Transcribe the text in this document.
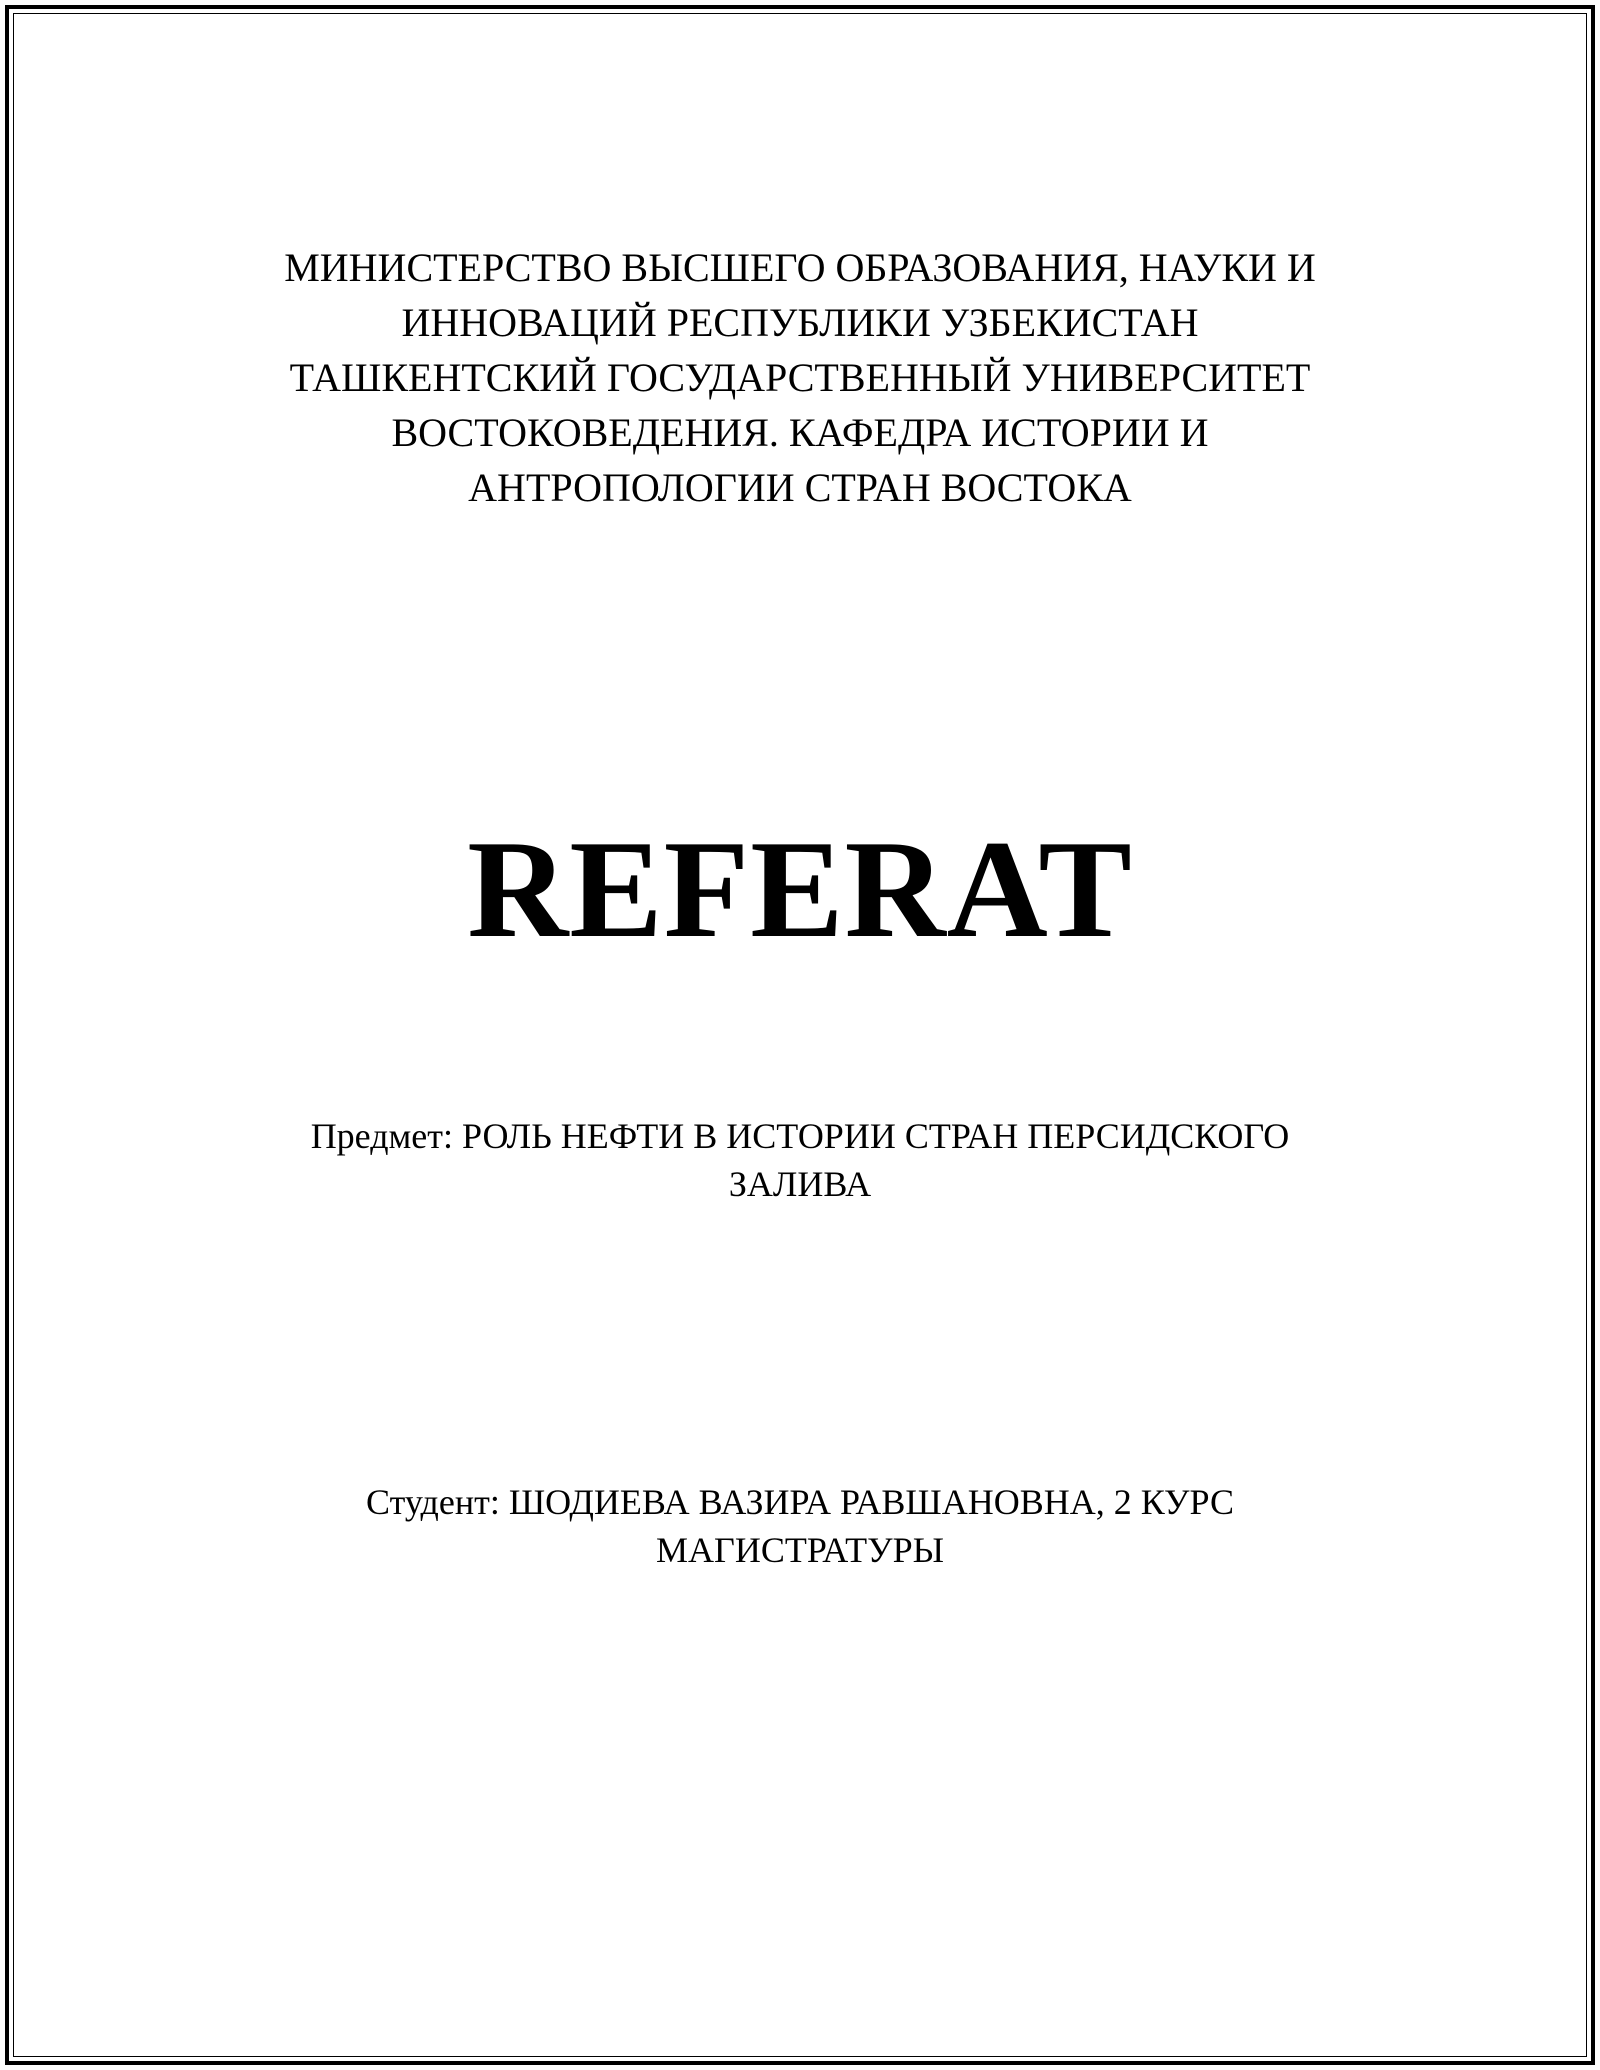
МИНИСТЕРСТВО ВЫСШЕГО ОБРАЗОВАНИЯ, НАУКИ И
ИННОВАЦИЙ РЕСПУБЛИКИ УЗБЕКИСТАН
ТАШКЕНТСКИЙ ГОСУДАРСТВЕННЫЙ УНИВЕРСИТЕТ
ВОСТОКОВЕДЕНИЯ. КАФЕДРА ИСТОРИИ И
АНТРОПОЛОГИИ СТРАН ВОСТОКА
REFERAT
Предмет: РОЛЬ НЕФТИ В ИСТОРИИ СТРАН ПЕРСИДСКОГО
ЗАЛИВА
Студент: ШОДИЕВА ВАЗИРА РАВШАНОВНА, 2 КУРС
МАГИСТРАТУРЫ
